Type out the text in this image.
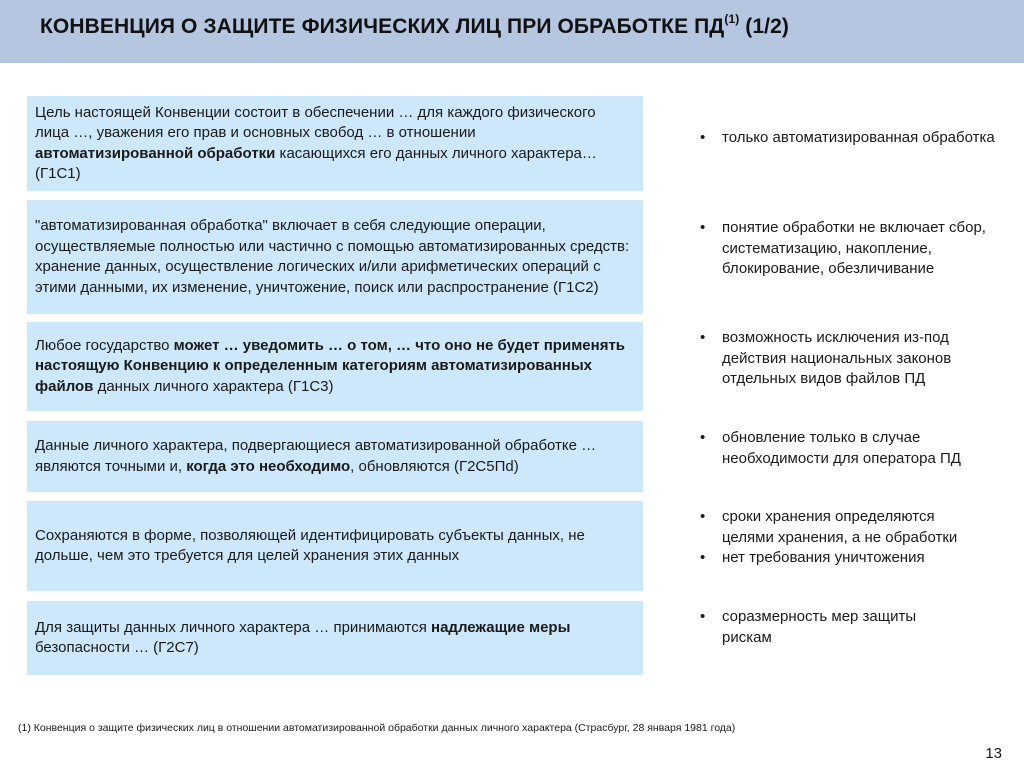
КОНВЕНЦИЯ О ЗАЩИТЕ ФИЗИЧЕСКИХ ЛИЦ ПРИ ОБРАБОТКЕ ПД$^{(1)}$ (1/2)
Цель настоящей Конвенции состоит в обеспечении … для каждого физического лица …, уважения его прав и основных свобод … в отношении автоматизированной обработки касающихся его данных личного характера… (Г1С1)
• только автоматизированная обработка
"автоматизированная обработка" включает в себя следующие операции, осуществляемые полностью или частично с помощью автоматизированных средств: хранение данных, осуществление логических и/или арифметических операций с этими данными, их изменение, уничтожение, поиск или распространение (Г1С2)
• понятие обработки не включает сбор, систематизацию, накопление, блокирование, обезличивание
Любое государство может … уведомить … о том, … что оно не будет применять настоящую Конвенцию к определенным категориям автоматизированных файлов данных личного характера (Г1С3)
• возможность исключения из-под действия национальных законов отдельных видов файлов ПД
Данные личного характера, подвергающиеся автоматизированной обработке … являются точными и, когда это необходимо, обновляются (Г2С5Пd)
• обновление только в случае необходимости для оператора ПД
Сохраняются в форме, позволяющей идентифицировать субъекты данных, не дольше, чем это требуется для целей хранения этих данных
• сроки хранения определяются целями хранения, а не обработки
• нет требования уничтожения
Для защиты данных личного характера … принимаются надлежащие меры безопасности … (Г2С7)
• соразмерность мер защиты рискам
(1) Конвенция о защите физических лиц в отношении автоматизированной обработки данных личного характера (Страсбург, 28 января 1981 года)
13
